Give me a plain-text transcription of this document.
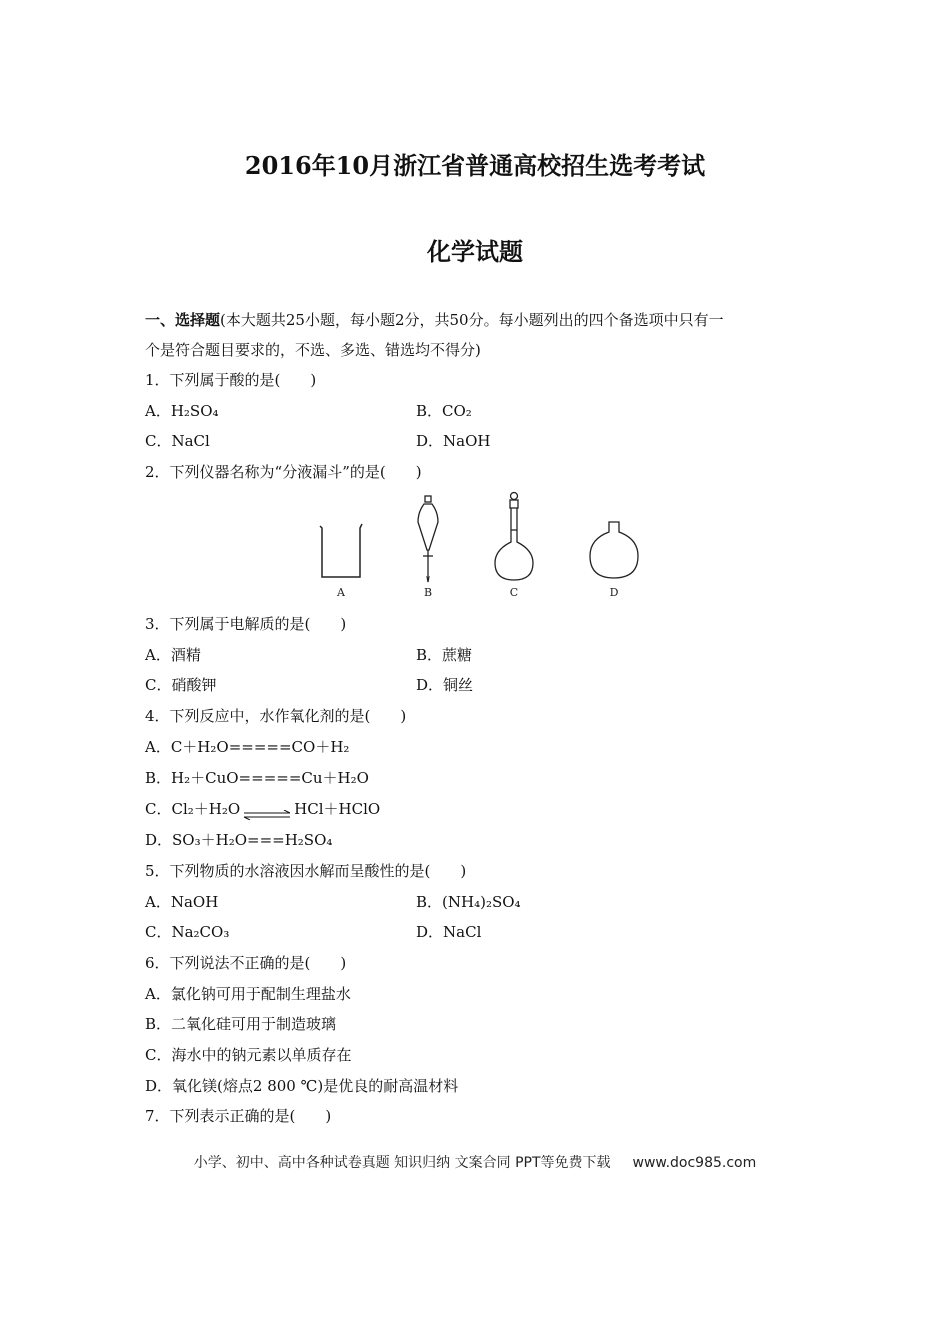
2016年10月浙江省普通高校招生选考考试
化学试题
一、选择题(本大题共25小题，每小题2分，共50分。每小题列出的四个备选项中只有一
个是符合题目要求的，不选、多选、错选均不得分)
1．下列属于酸的是(　　)
A．H₂SO₄	B．CO₂
C．NaCl	D．NaOH
2．下列仪器名称为“分液漏斗”的是(　　)
A	B	C	D
3．下列属于电解质的是(　　)
A．酒精	B．蔗糖
C．硝酸钾	D．铜丝
4．下列反应中，水作氧化剂的是(　　)
A．C＋H₂O=====CO＋H₂
B．H₂＋CuO=====Cu＋H₂O
C．Cl₂＋H₂O ⇌ HCl＋HClO
D．SO₃＋H₂O===H₂SO₄
5．下列物质的水溶液因水解而呈酸性的是(　　)
A．NaOH	B．(NH₄)₂SO₄
C．Na₂CO₃	D．NaCl
6．下列说法不正确的是(　　)
A．氯化钠可用于配制生理盐水
B．二氧化硅可用于制造玻璃
C．海水中的钠元素以单质存在
D．氧化镁(熔点2 800 ℃)是优良的耐高温材料
7．下列表示正确的是(　　)
小学、初中、高中各种试卷真题 知识归纳 文案合同 PPT等免费下载 www.doc985.com
